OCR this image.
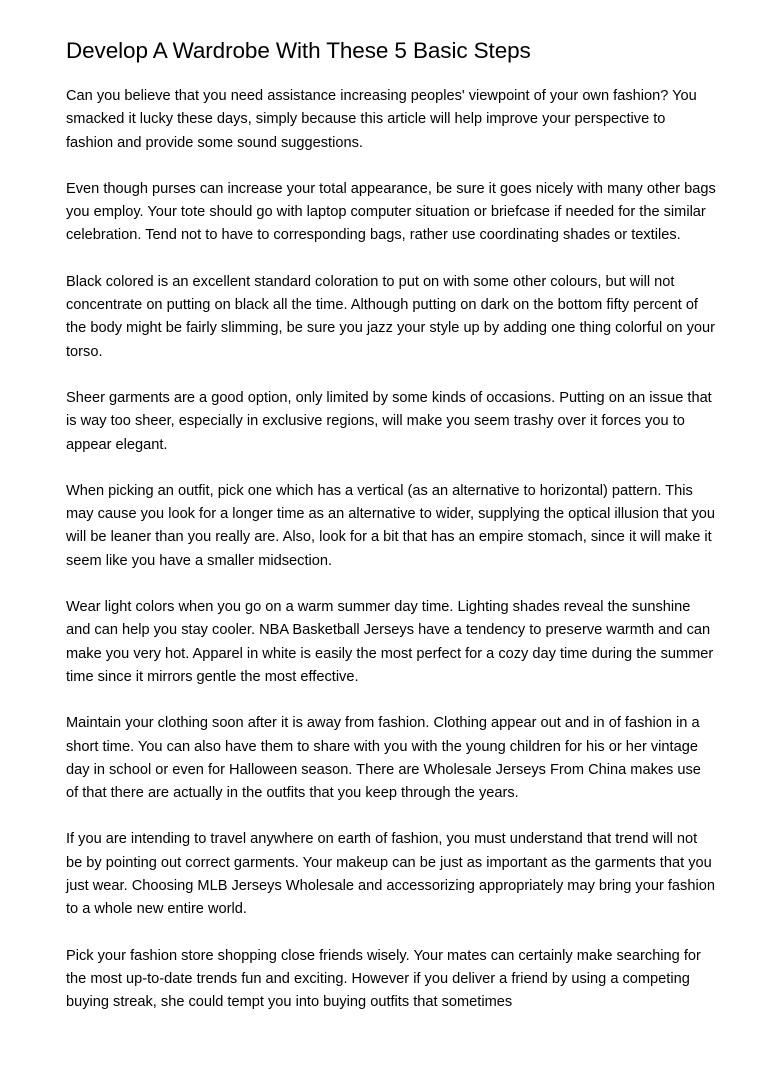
Develop A Wardrobe With These 5 Basic Steps

Can you believe that you need assistance increasing peoples' viewpoint of your own fashion? You smacked it lucky these days, simply because this article will help improve your perspective to fashion and provide some sound suggestions.

Even though purses can increase your total appearance, be sure it goes nicely with many other bags you employ. Your tote should go with laptop computer situation or briefcase if needed for the similar celebration. Tend not to have to corresponding bags, rather use coordinating shades or textiles.

Black colored is an excellent standard coloration to put on with some other colours, but will not concentrate on putting on black all the time. Although putting on dark on the bottom fifty percent of the body might be fairly slimming, be sure you jazz your style up by adding one thing colorful on your torso.

Sheer garments are a good option, only limited by some kinds of occasions. Putting on an issue that is way too sheer, especially in exclusive regions, will make you seem trashy over it forces you to appear elegant.

When picking an outfit, pick one which has a vertical (as an alternative to horizontal) pattern. This may cause you look for a longer time as an alternative to wider, supplying the optical illusion that you will be leaner than you really are. Also, look for a bit that has an empire stomach, since it will make it seem like you have a smaller midsection.

Wear light colors when you go on a warm summer day time. Lighting shades reveal the sunshine and can help you stay cooler. NBA Basketball Jerseys have a tendency to preserve warmth and can make you very hot. Apparel in white is easily the most perfect for a cozy day time during the summer time since it mirrors gentle the most effective.

Maintain your clothing soon after it is away from fashion. Clothing appear out and in of fashion in a short time. You can also have them to share with you with the young children for his or her vintage day in school or even for Halloween season. There are Wholesale Jerseys From China makes use of that there are actually in the outfits that you keep through the years.

If you are intending to travel anywhere on earth of fashion, you must understand that trend will not be by pointing out correct garments. Your makeup can be just as important as the garments that you just wear. Choosing MLB Jerseys Wholesale and accessorizing appropriately may bring your fashion to a whole new entire world.

Pick your fashion store shopping close friends wisely. Your mates can certainly make searching for the most up-to-date trends fun and exciting. However if you deliver a friend by using a competing buying streak, she could tempt you into buying outfits that sometimes
